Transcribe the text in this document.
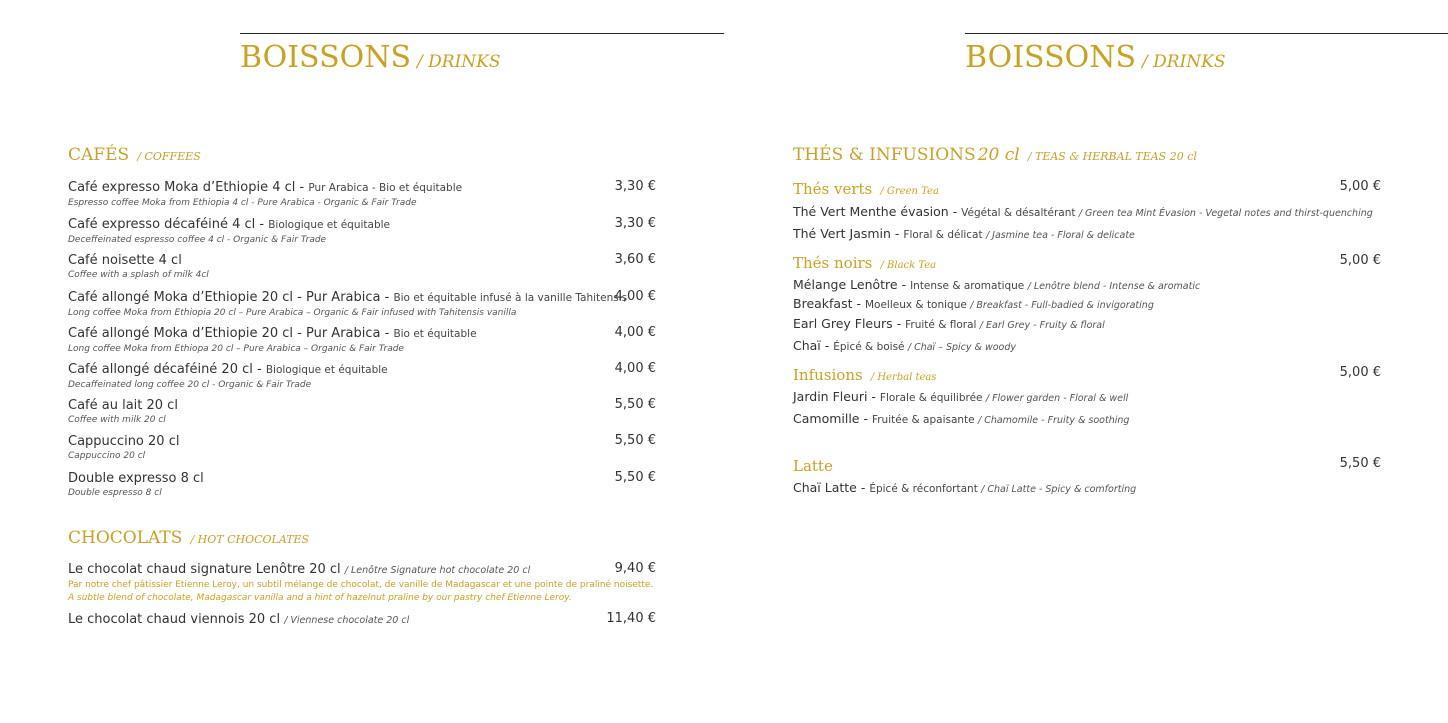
BOISSONS / DRINKS
CAFÉS / COFFEES
Café expresso Moka d’Ethiopie 4 cl - Pur Arabica - Bio et équitable
Espresso coffee Moka from Ethiopia 4 cl - Pure Arabica - Organic & Fair Trade
3,30 €
Café expresso décaféiné 4 cl - Biologique et équitable
Deceffeinated espresso coffee 4 cl - Organic & Fair Trade
3,30 €
Café noisette 4 cl
Coffee with a splash of milk 4cl
3,60 €
Café allongé Moka d’Ethiopie 20 cl - Pur Arabica - Bio et équitable infusé à la vanille Tahitensis
Long coffee Moka from Ethiopia 20 cl – Pure Arabica – Organic & Fair infused with Tahitensis vanilla
4,00 €
Café allongé Moka d’Ethiopie 20 cl - Pur Arabica - Bio et équitable
Long coffee Moka from Ethiopa 20 cl – Pure Arabica – Organic & Fair Trade
4,00 €
Café allongé décaféiné 20 cl - Biologique et équitable
Decaffeinated long coffee 20 cl - Organic & Fair Trade
4,00 €
Café au lait 20 cl
Coffee with milk 20 cl
5,50 €
Cappuccino 20 cl
Cappuccino 20 cl
5,50 €
Double expresso 8 cl
Double espresso 8 cl
5,50 €
CHOCOLATS / HOT CHOCOLATES
Le chocolat chaud signature Lenôtre 20 cl / Lenôtre Signature hot chocolate 20 cl
Par notre chef pâtissier Etienne Leroy, un subtil mélange de chocolat, de vanille de Madagascar et une pointe de praliné noisette.
A subtle blend of chocolate, Madagascar vanilla and a hint of hazelnut praline by our pastry chef Etienne Leroy.
9,40 €
Le chocolat chaud viennois 20 cl / Viennese chocolate 20 cl	11,40 €
BOISSONS / DRINKS
THÉS & INFUSIONS 20 cl / TEAS & HERBAL TEAS 20 cl
Thés verts / Green Tea	5,00 €
Thé Vert Menthe évasion - Végétal & désaltérant / Green tea Mint Évasion - Vegetal notes and thirst-quenching
Thé Vert Jasmin - Floral & délicat / Jasmine tea - Floral & delicate
Thés noirs / Black Tea	5,00 €
Mélange Lenôtre - Intense & aromatique / Lenôtre blend - Intense & aromatic
Breakfast - Moelleux & tonique / Breakfast - Full-badied & invigorating
Earl Grey Fleurs - Fruité & floral / Earl Grey - Fruity & floral
Chaï - Épicé & boisé / Chaï – Spicy & woody
Infusions / Herbal teas	5,00 €
Jardin Fleuri - Florale & équilibrée / Flower garden - Floral & well
Camomille - Fruitée & apaisante / Chamomile - Fruity & soothing
Latte	5,50 €
Chaï Latte - Épicé & réconfortant / Chaï Latte - Spicy & comforting
